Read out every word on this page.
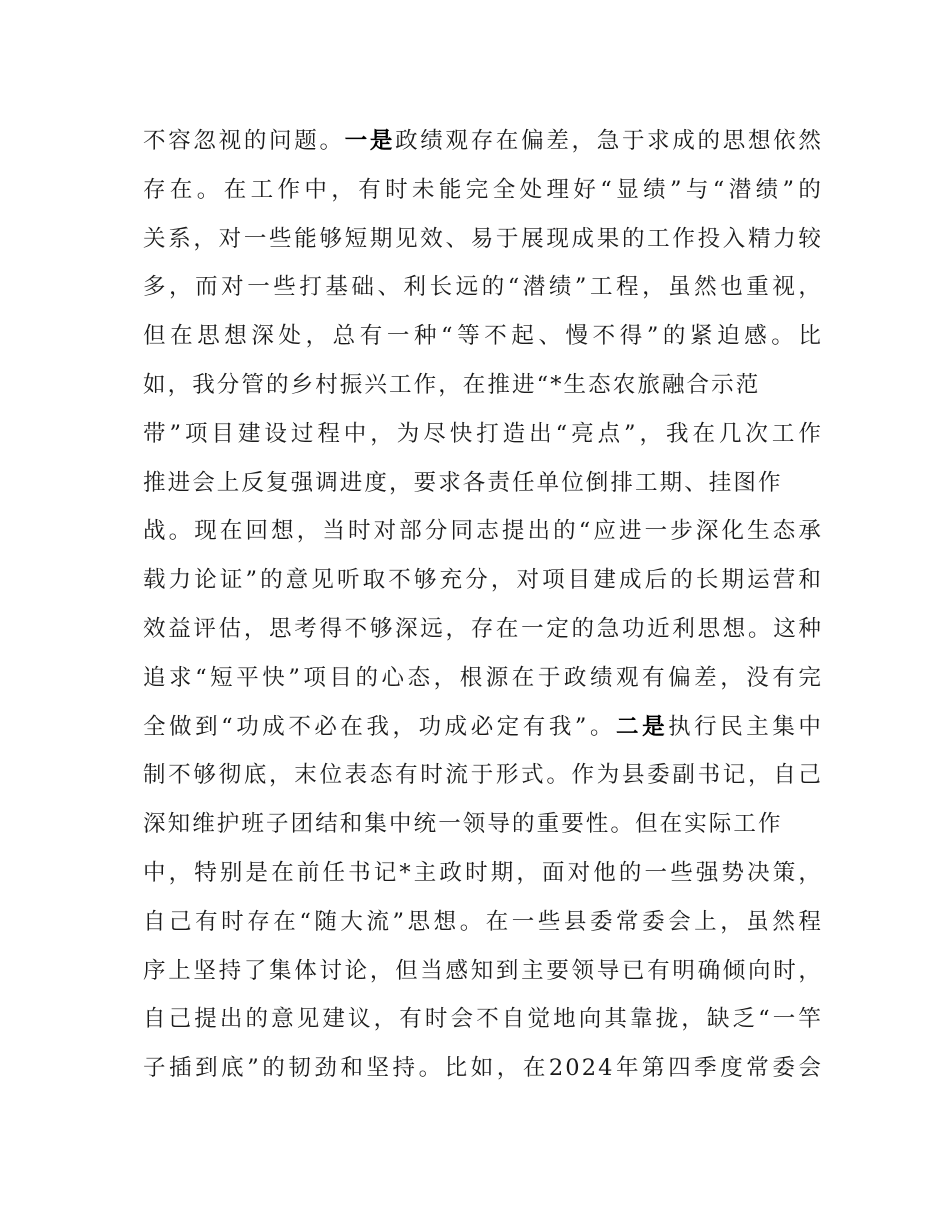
不容忽视的问题。一是政绩观存在偏差，急于求成的思想依然
存在。在工作中，有时未能完全处理好“显绩”与“潜绩”的
关系，对一些能够短期见效、易于展现成果的工作投入精力较
多，而对一些打基础、利长远的“潜绩”工程，虽然也重视，
但在思想深处，总有一种“等不起、慢不得”的紧迫感。比
如，我分管的乡村振兴工作，在推进“*生态农旅融合示范
带”项目建设过程中，为尽快打造出“亮点”，我在几次工作
推进会上反复强调进度，要求各责任单位倒排工期、挂图作
战。现在回想，当时对部分同志提出的“应进一步深化生态承
载力论证”的意见听取不够充分，对项目建成后的长期运营和
效益评估，思考得不够深远，存在一定的急功近利思想。这种
追求“短平快”项目的心态，根源在于政绩观有偏差，没有完
全做到“功成不必在我，功成必定有我”。二是执行民主集中
制不够彻底，末位表态有时流于形式。作为县委副书记，自己
深知维护班子团结和集中统一领导的重要性。但在实际工作
中，特别是在前任书记*主政时期，面对他的一些强势决策，
自己有时存在“随大流”思想。在一些县委常委会上，虽然程
序上坚持了集体讨论，但当感知到主要领导已有明确倾向时，
自己提出的意见建议，有时会不自觉地向其靠拢，缺乏“一竿
子插到底”的韧劲和坚持。比如，在2024年第四季度常委会
